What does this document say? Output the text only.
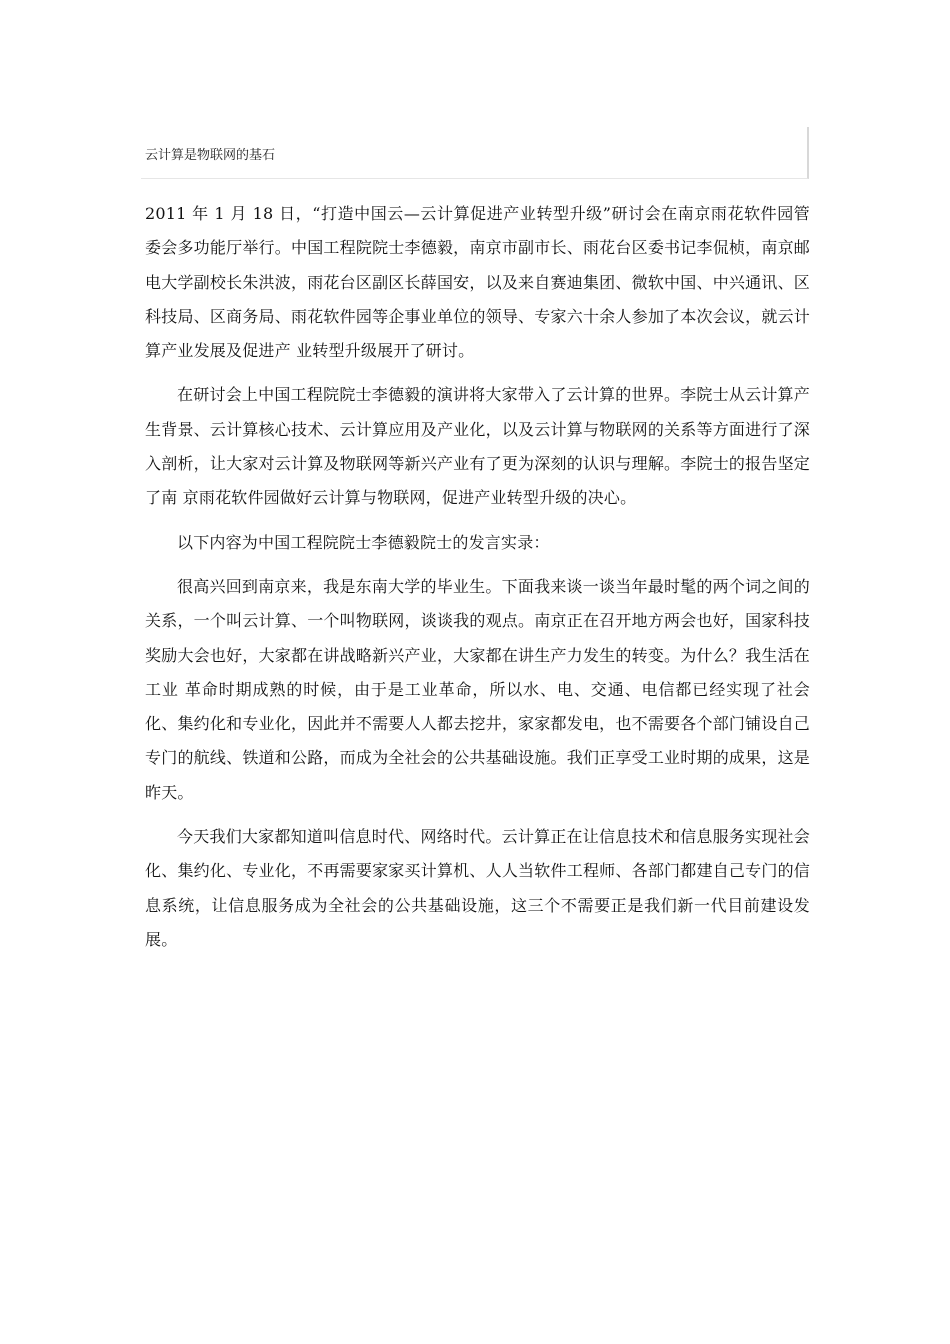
云计算是物联网的基石

2011 年 1 月 18 日，“打造中国云—云计算促进产业转型升级”研讨会在南京雨花软件园管委会多功能厅举行。中国工程院院士李德毅，南京市副市长、雨花台区委书记李侃桢，南京邮电大学副校长朱洪波，雨花台区副区长薛国安，以及来自赛迪集团、微软中国、中兴通讯、区科技局、区商务局、雨花软件园等企事业单位的领导、专家六十余人参加了本次会议，就云计算产业发展及促进产 业转型升级展开了研讨。

在研讨会上中国工程院院士李德毅的演讲将大家带入了云计算的世界。李院士从云计算产生背景、云计算核心技术、云计算应用及产业化，以及云计算与物联网的关系等方面进行了深入剖析，让大家对云计算及物联网等新兴产业有了更为深刻的认识与理解。李院士的报告坚定了南 京雨花软件园做好云计算与物联网，促进产业转型升级的决心。

以下内容为中国工程院院士李德毅院士的发言实录：

很高兴回到南京来，我是东南大学的毕业生。下面我来谈一谈当年最时髦的两个词之间的关系，一个叫云计算、一个叫物联网，谈谈我的观点。南京正在召开地方两会也好，国家科技奖励大会也好，大家都在讲战略新兴产业，大家都在讲生产力发生的转变。为什么？我生活在工业 革命时期成熟的时候，由于是工业革命，所以水、电、交通、电信都已经实现了社会化、集约化和专业化，因此并不需要人人都去挖井，家家都发电，也不需要各个部门铺设自己专门的航线、铁道和公路，而成为全社会的公共基础设施。我们正享受工业时期的成果，这是昨天。

今天我们大家都知道叫信息时代、网络时代。云计算正在让信息技术和信息服务实现社会化、集约化、专业化，不再需要家家买计算机、人人当软件工程师、各部门都建自己专门的信息系统，让信息服务成为全社会的公共基础设施，这三个不需要正是我们新一代目前建设发展。
